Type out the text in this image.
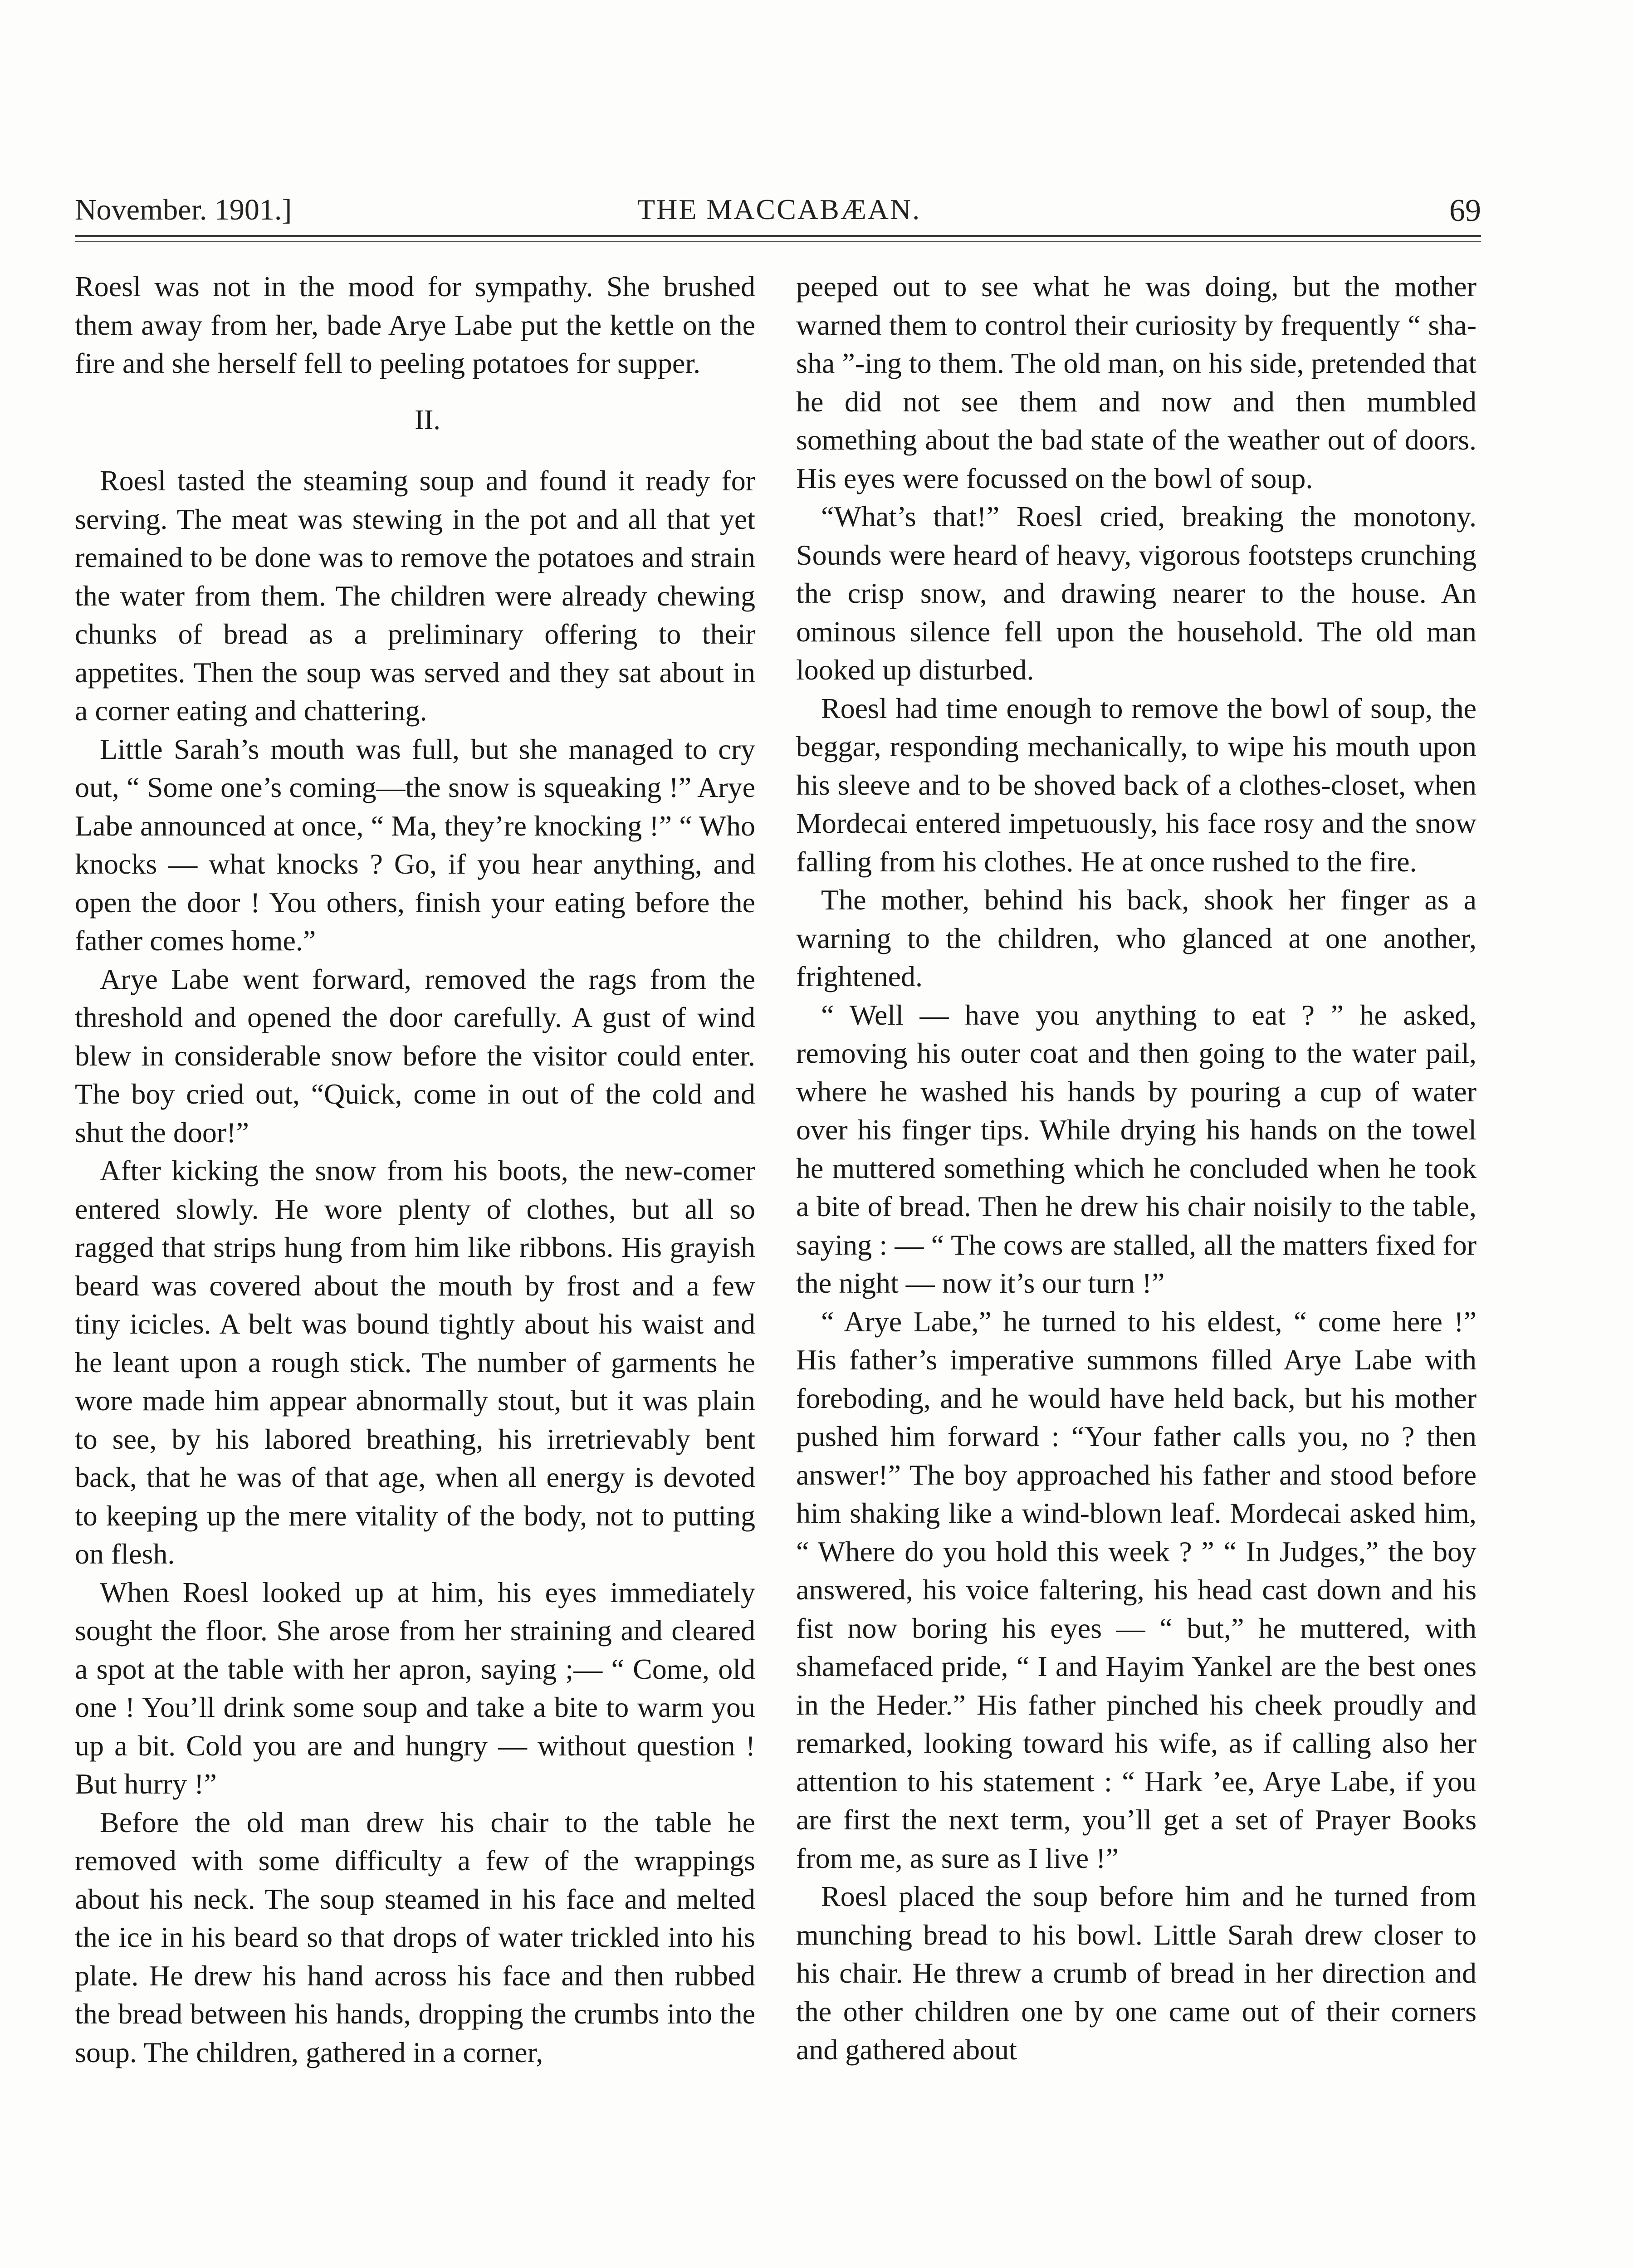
November. 1901.]	THE MACCABÆAN.	69

Roesl was not in the mood for sympathy. She brushed them away from her, bade Arye Labe put the kettle on the fire and she herself fell to peeling potatoes for supper.

II.

Roesl tasted the steaming soup and found it ready for serving. The meat was stewing in the pot and all that yet remained to be done was to remove the potatoes and strain the water from them. The children were already chewing chunks of bread as a preliminary offering to their appetites. Then the soup was served and they sat about in a corner eating and chattering.

Little Sarah’s mouth was full, but she managed to cry out, “ Some one’s coming—the snow is squeaking !” Arye Labe announced at once, “ Ma, they’re knocking !” “ Who knocks — what knocks ? Go, if you hear anything, and open the door ! You others, finish your eating before the father comes home.”

Arye Labe went forward, removed the rags from the threshold and opened the door carefully. A gust of wind blew in considerable snow before the visitor could enter. The boy cried out, “Quick, come in out of the cold and shut the door!”

After kicking the snow from his boots, the new-comer entered slowly. He wore plenty of clothes, but all so ragged that strips hung from him like ribbons. His grayish beard was covered about the mouth by frost and a few tiny icicles. A belt was bound tightly about his waist and he leant upon a rough stick. The number of garments he wore made him appear abnormally stout, but it was plain to see, by his labored breathing, his irretrievably bent back, that he was of that age, when all energy is devoted to keeping up the mere vitality of the body, not to putting on flesh.

When Roesl looked up at him, his eyes immediately sought the floor. She arose from her straining and cleared a spot at the table with her apron, saying ;— “ Come, old one ! You’ll drink some soup and take a bite to warm you up a bit. Cold you are and hungry — without question ! But hurry !”

Before the old man drew his chair to the table he removed with some difficulty a few of the wrappings about his neck. The soup steamed in his face and melted the ice in his beard so that drops of water trickled into his plate. He drew his hand across his face and then rubbed the bread between his hands, dropping the crumbs into the soup. The children, gathered in a corner,

peeped out to see what he was doing, but the mother warned them to control their curiosity by frequently “ sha-sha ”-ing to them. The old man, on his side, pretended that he did not see them and now and then mumbled something about the bad state of the weather out of doors. His eyes were focussed on the bowl of soup.

“What’s that!” Roesl cried, breaking the monotony. Sounds were heard of heavy, vigorous footsteps crunching the crisp snow, and drawing nearer to the house. An ominous silence fell upon the household. The old man looked up disturbed.

Roesl had time enough to remove the bowl of soup, the beggar, responding mechanically, to wipe his mouth upon his sleeve and to be shoved back of a clothes-closet, when Mordecai entered impetuously, his face rosy and the snow falling from his clothes. He at once rushed to the fire.

The mother, behind his back, shook her finger as a warning to the children, who glanced at one another, frightened.

“ Well — have you anything to eat ? ” he asked, removing his outer coat and then going to the water pail, where he washed his hands by pouring a cup of water over his finger tips. While drying his hands on the towel he muttered something which he concluded when he took a bite of bread. Then he drew his chair noisily to the table, saying : — “ The cows are stalled, all the matters fixed for the night — now it’s our turn !”

“ Arye Labe,” he turned to his eldest, “ come here !” His father’s imperative summons filled Arye Labe with foreboding, and he would have held back, but his mother pushed him forward : “Your father calls you, no ? then answer!” The boy approached his father and stood before him shaking like a wind-blown leaf. Mordecai asked him, “ Where do you hold this week ? ” “ In Judges,” the boy answered, his voice faltering, his head cast down and his fist now boring his eyes — “ but,” he muttered, with shamefaced pride, “ I and Hayim Yankel are the best ones in the Heder.” His father pinched his cheek proudly and remarked, looking toward his wife, as if calling also her attention to his statement : “ Hark ’ee, Arye Labe, if you are first the next term, you’ll get a set of Prayer Books from me, as sure as I live !”

Roesl placed the soup before him and he turned from munching bread to his bowl. Little Sarah drew closer to his chair. He threw a crumb of bread in her direction and the other children one by one came out of their corners and gathered about
